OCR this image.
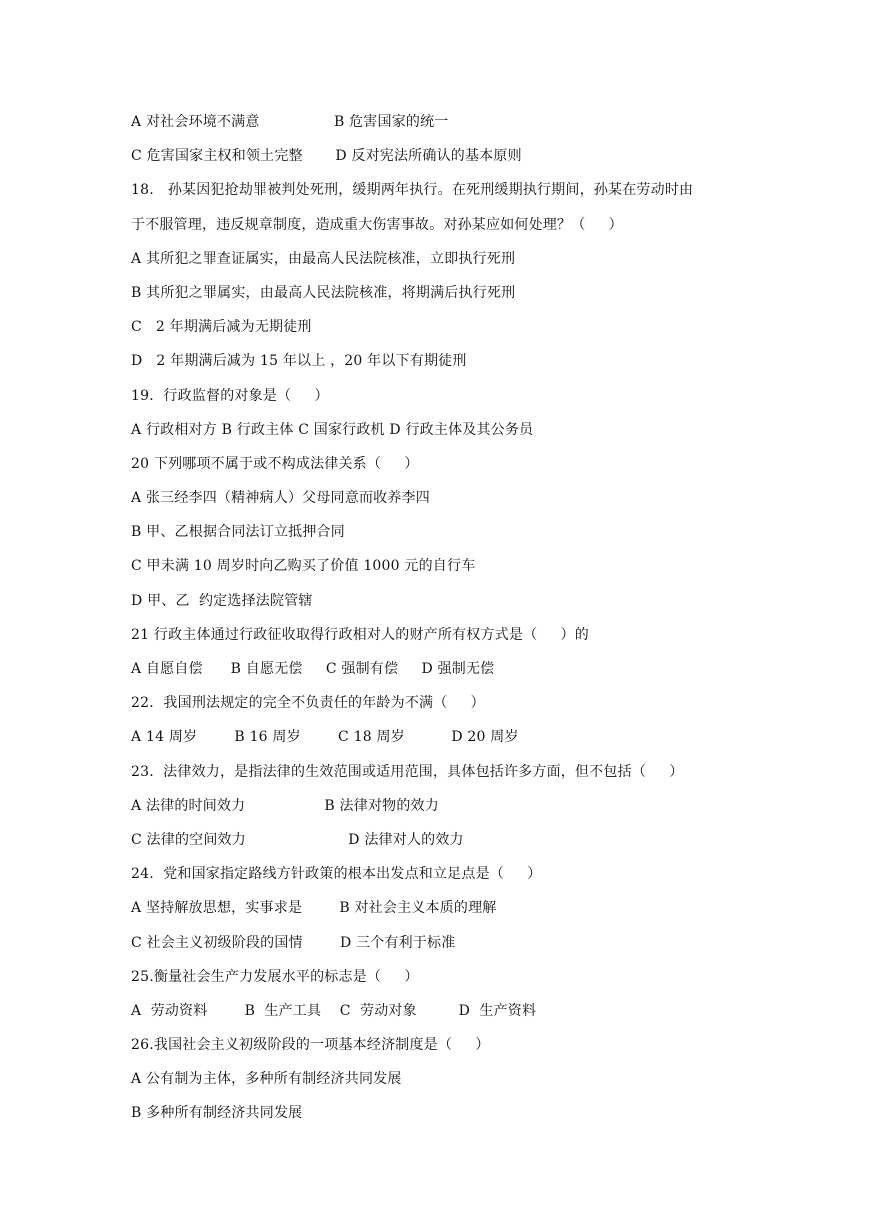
A 对社会环境不满意                B 危害国家的统一
C 危害国家主权和领土完整       D 反对宪法所确认的基本原则
18.   孙某因犯抢劫罪被判处死刑，缓期两年执行。在死刑缓期执行期间，孙某在劳动时由
于不服管理，违反规章制度，造成重大伤害事故。对孙某应如何处理？（     ）
A 其所犯之罪查证属实，由最高人民法院核准，立即执行死刑
B 其所犯之罪属实，由最高人民法院核准，将期满后执行死刑
C   2 年期满后减为无期徒刑
D   2 年期满后减为 15 年以上 ，20 年以下有期徒刑
19．行政监督的对象是（     ）
A 行政相对方 B 行政主体 C 国家行政机 D 行政主体及其公务员
20 下列哪项不属于或不构成法律关系（     ）
A 张三经李四（精神病人）父母同意而收养李四
B 甲、乙根据合同法订立抵押合同
C 甲未满 10 周岁时向乙购买了价值 1000 元的自行车
D 甲、乙  约定选择法院管辖
21 行政主体通过行政征收取得行政相对人的财产所有权方式是（     ）的
A 自愿自偿      B 自愿无偿     C 强制有偿     D 强制无偿
22．我国刑法规定的完全不负责任的年龄为不满（     ）
A 14 周岁        B 16 周岁        C 18 周岁          D 20 周岁
23.  法律效力，是指法律的生效范围或适用范围，具体包括许多方面，但不包括（     ）
A 法律的时间效力                 B 法律对物的效力
C 法律的空间效力                      D 法律对人的效力
24.  党和国家指定路线方针政策的根本出发点和立足点是（     ）
A 坚持解放思想，实事求是        B 对社会主义本质的理解
C 社会主义初级阶段的国情        D 三个有利于标准
25.衡量社会生产力发展水平的标志是（     ）
A  劳动资料        B  生产工具    C  劳动对象         D  生产资料
26.我国社会主义初级阶段的一项基本经济制度是（     ）
A 公有制为主体，多种所有制经济共同发展
B 多种所有制经济共同发展
